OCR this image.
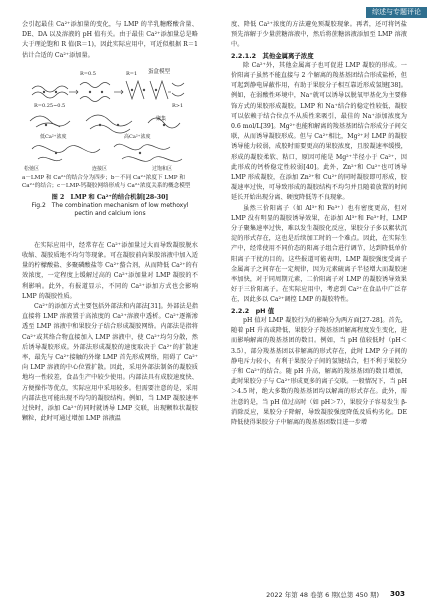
综述与专题评论

会引起最佳 Ca²⁺添加量的变化，与 LMP 的半乳糖醛酸含量、DE、DA 以及溶液的 pH 值有关。由于最佳 Ca²⁺添加量总是略大于理论饱和 R 值(R＝1)，因此实际应用中，可近似根据 R＝1 估计合适的 Ca²⁺添加量。

蛋盒模型
R=0.5	R=1
R=0.25~0.5	R>1
聚集
低Ca²⁺浓度	高Ca²⁺浓度
松弛区	连接区	过饱和区

a－LMP 和 Ca²⁺的结合分为四步；b－不同 Ca²⁺浓度下 LMP 和 Ca²⁺的结合；c－LMP-钙凝胶网络形成与 Ca²⁺浓度关系的概念模型

图 2　LMP 和 Ca²⁺的结合机制[28-30]

Fig.2　The combination mechanism of low methoxyl

pectin and calcium ions

在实际应用中，经常存在 Ca²⁺添加量过大而导致凝胶脱水收缩、凝胶质地不均匀等现象。可在凝胶前向果胶溶液中加入适量的柠檬酸盐、多聚磷酸盐等 Ca²⁺螯合剂，从而降低 Ca²⁺的有效浓度，一定程度上缓解过高的 Ca²⁺添加量对 LMP 凝胶的不利影响。此外，有报道显示，不同的 Ca²⁺添加方式也会影响 LMP 的凝胶性质。

Ca²⁺的添加方式主要包括外部法和内部法[31]。外部法是指直接将 LMP 溶液置于高浓度的 Ca²⁺溶液中透析。Ca²⁺逐渐渗透至 LMP 溶液中和果胶分子结合形成凝胶网络。内部法是指将 Ca²⁺或其络合物直接加入 LMP 溶液中，使 Ca²⁺均匀分散，然后诱导凝胶形成。外部法形成凝胶的速度取决于 Ca²⁺的扩散速率，最先与 Ca²⁺接触的外缘 LMP 首先形成网络，阻碍了 Ca²⁺向 LMP 溶液的中心位置扩散。因此，采用外部法制备的凝胶质地均一性较差，食品生产中较少使用。内部法具有成胶速度快、方便操作等优点，实际应用中采用较多。但需要注意的是，采用内部法也可能出现不均匀的凝胶结构。例如，当 LMP 凝胶速率过快时，添加 Ca²⁺的同时就诱导 LMP 交联，出现颗粒状凝胶颗粒，此时可通过增加 LMP 溶液温

度、降低 Ca²⁺浓度的方法避免预凝胶现象。再者，还可将钙盐预先溶解于少量蔗糖溶液中，然后将蔗糖溶液添加至 LMP 溶液中。

2.2.1.2　其他金属离子浓度

除 Ca²⁺外，其他金属离子也可促进 LMP 凝胶的形成。一价阳离子虽然不能直接与 2 个解离的羧基基团结合形成盐桥，但可起到静电屏蔽作用，有助于果胶分子相互靠近形成氢键[38]。例如，在弱酸性环境中，Na⁺就可以诱导以脱氧甲基化为主要修饰方式的果胶形成凝胶。LMP 和 Na⁺结合的稳定性较低，凝胶可以依赖于结合位点不从质性来吸引，最佳的 Na⁺添加浓度为 0.6 mol/L[39]。Mg²⁺也能和解离的羧基基团结合形成分子间交联，从而诱导凝胶形成。但与 Ca²⁺相比，Mg²⁺对 LMP 的凝胶诱导能力较弱，成胶时需要更高的果胶浓度，且胶凝速率缓慢，形成的凝胶柔软、粘口，原因可能是 Mg²⁺半径小于 Ca²⁺，因此形成的钙桥稳定性较弱[40]。此外，Zn²⁺和 Cu²⁺也可诱导 LMP 形成凝胶，在添加 Zn²⁺和 Cu²⁺的同时凝胶即可形成，胶凝速率过快，可导致形成的凝胶结构不均匀并且随着放置的时间延长开始出现分离、硬度降低等不良现象。

虽然三价阳离子（如 Al³⁺和 Fe³⁺）也有密度更高，但对 LMP 没有明显的凝胶诱导效果，在添加 Al³⁺和 Fe³⁺时，LMP 分子聚集速率过快，难以发生凝胶化反应，果胶分子多以絮状沉淀的形式存在，这也是后续加工时的一个难点。因此，在实际生产中，经常使用不同价态的阳离子组合进行调节，达到降低单价阳离子干扰的目的。这些报道可能表明，LMP 凝胶强度受离子金属离子之间存在一定规律，因为元素硫离子半径增大而凝胶速率加快，对于同周期元素，二价阳离子对 LMP 的凝胶诱导效果好于三价阳离子。在实际应用中，考虑到 Ca²⁺在食品中广泛存在，因此多以 Ca²⁺调控 LMP 的凝胶特性。

2.2.2　pH 值

pH 值对 LMP 凝胶行为的影响分为两方面[27-28]。首先，随着 pH 升高或降低，果胶分子羧基基团解离程度发生变化，进而影响解离的羧基基团的数目。例如，当 pH 值较低时（pH＜3.5），部分羧基基团以非解离的形式存在，此时 LMP 分子间的静电斥力较小，有利于果胶分子间的氢键结合，但不利于果胶分子和 Ca²⁺的结合。随 pH 升高，解离的羧基基团的数目增加，此时果胶分子与 Ca²⁺形成更多的离子交联。一般情况下，当 pH＞4.5 时，绝大多数的羧基基团均以解离的形式存在。此外，需注意的是，当 pH 值过高时（如 pH＞7），果胶分子容易发生 β-消除反应，果胶分子降解，导致凝胶强度降低及质构劣化。DE 降低使得果胶分子中解离的羧基基团数目进一步增

2022 年第 48 卷第 6 期(总第 450 期) 303
